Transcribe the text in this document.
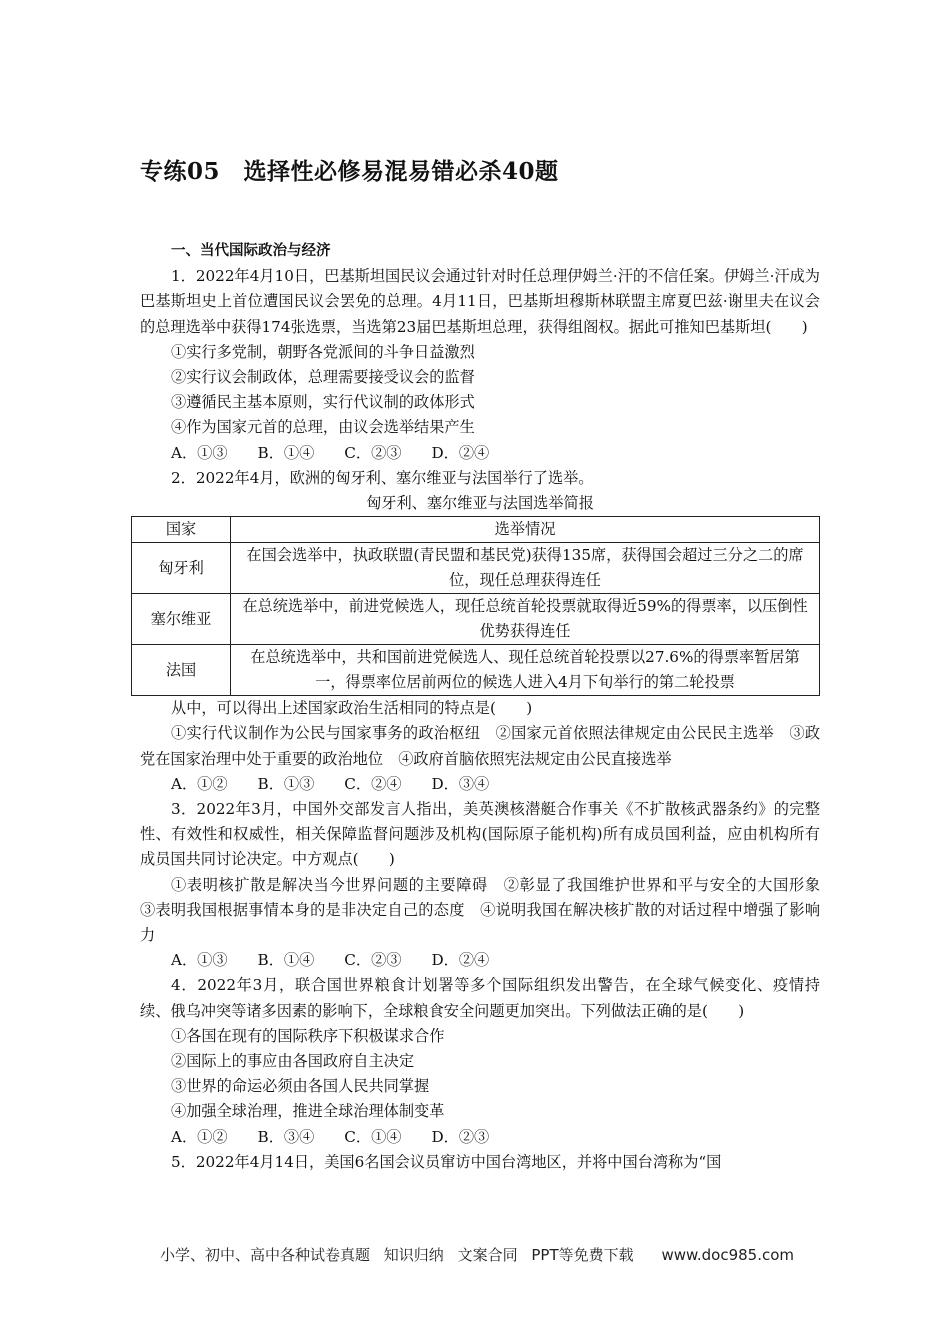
专练05　选择性必修易混易错必杀40题

一、当代国际政治与经济

1．2022年4月10日，巴基斯坦国民议会通过针对时任总理伊姆兰·汗的不信任案。伊姆兰·汗成为巴基斯坦史上首位遭国民议会罢免的总理。4月11日，巴基斯坦穆斯林联盟主席夏巴兹·谢里夫在议会的总理选举中获得174张选票，当选第23届巴基斯坦总理，获得组阁权。据此可推知巴基斯坦(　　)

①实行多党制，朝野各党派间的斗争日益激烈

②实行议会制政体，总理需要接受议会的监督

③遵循民主基本原则，实行代议制的政体形式

④作为国家元首的总理，由议会选举结果产生

A．①③ B．①④ C．②③ D．②④

2．2022年4月，欧洲的匈牙利、塞尔维亚与法国举行了选举。

匈牙利、塞尔维亚与法国选举简报

国家	选举情况
匈牙利	在国会选举中，执政联盟(青民盟和基民党)获得135席，获得国会超过三分之二的席位，现任总理获得连任
塞尔维亚	在总统选举中，前进党候选人，现任总统首轮投票就取得近59%的得票率，以压倒性优势获得连任
法国	在总统选举中，共和国前进党候选人、现任总统首轮投票以27.6%的得票率暂居第一，得票率位居前两位的候选人进入4月下旬举行的第二轮投票

从中，可以得出上述国家政治生活相同的特点是(　　)

①实行代议制作为公民与国家事务的政治枢纽　②国家元首依照法律规定由公民民主选举　③政党在国家治理中处于重要的政治地位　④政府首脑依照宪法规定由公民直接选举

A．①② B．①③ C．②④ D．③④

3．2022年3月，中国外交部发言人指出，美英澳核潜艇合作事关《不扩散核武器条约》的完整性、有效性和权威性，相关保障监督问题涉及机构(国际原子能机构)所有成员国利益，应由机构所有成员国共同讨论决定。中方观点(　　)

①表明核扩散是解决当今世界问题的主要障碍　②彰显了我国维护世界和平与安全的大国形象　③表明我国根据事情本身的是非决定自己的态度　④说明我国在解决核扩散的对话过程中增强了影响力

A．①③ B．①④ C．②③ D．②④

4．2022年3月，联合国世界粮食计划署等多个国际组织发出警告，在全球气候变化、疫情持续、俄乌冲突等诸多因素的影响下，全球粮食安全问题更加突出。下列做法正确的是(　　)

①各国在现有的国际秩序下积极谋求合作

②国际上的事应由各国政府自主决定

③世界的命运必须由各国人民共同掌握

④加强全球治理，推进全球治理体制变革

A．①② B．③④ C．①④ D．②③

5．2022年4月14日，美国6名国会议员窜访中国台湾地区，并将中国台湾称为“国

小学、初中、高中各种试卷真题 知识归纳 文案合同 PPT等免费下载 www.doc985.com
